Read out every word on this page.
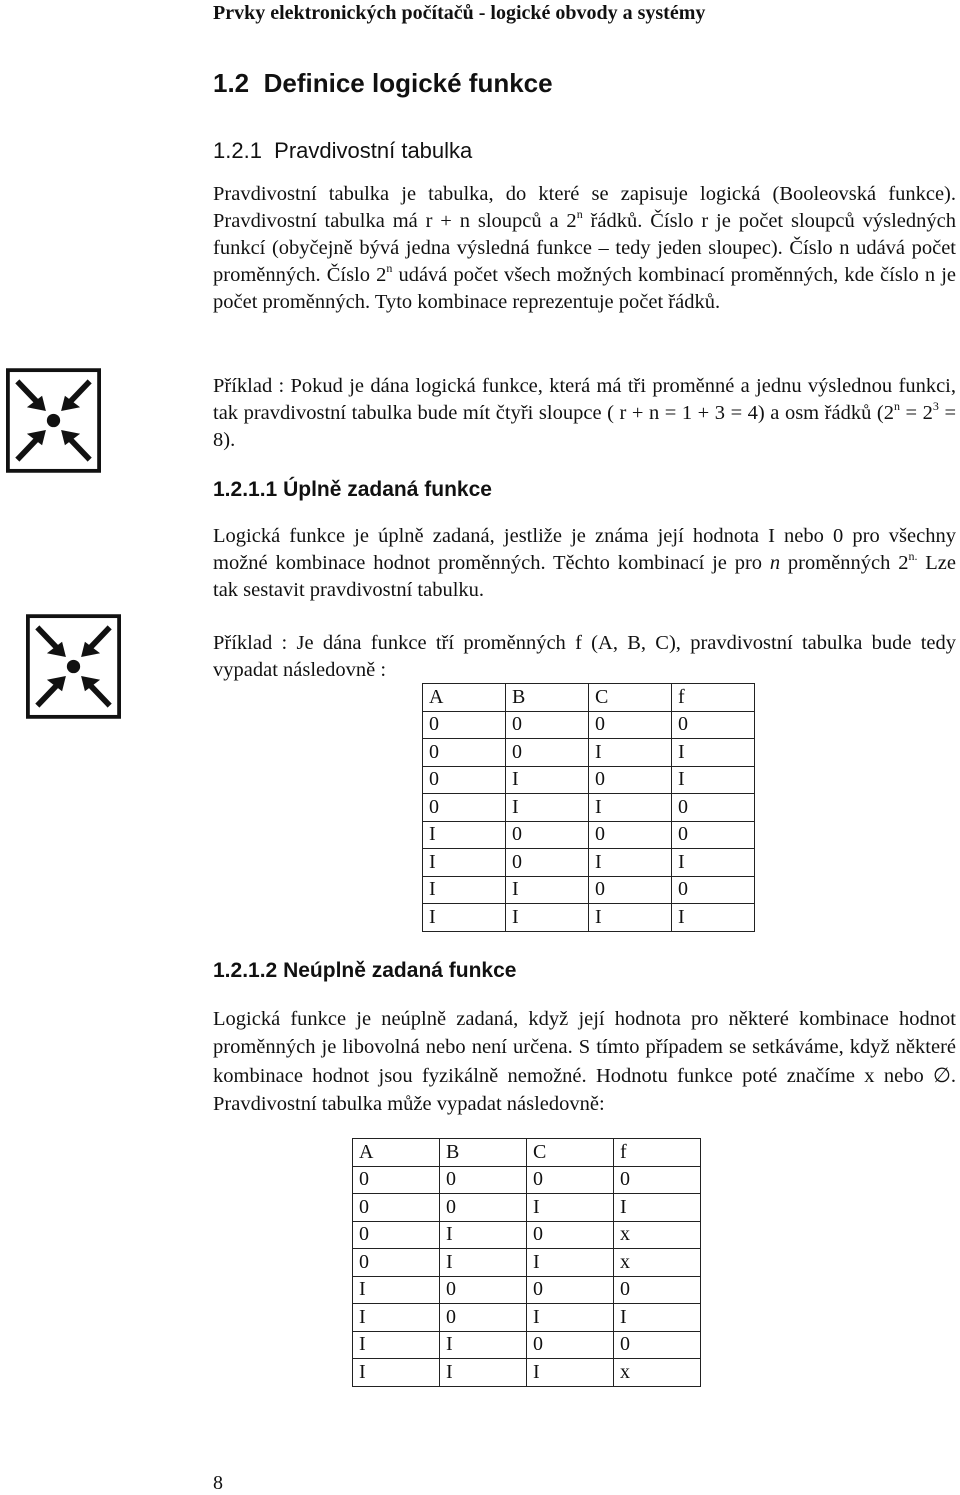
Prvky elektronických počítačů - logické obvody a systémy
1.2 Definice logické funkce
1.2.1 Pravdivostní tabulka
Pravdivostní tabulka je tabulka, do které se zapisuje logická (Booleovská funkce). Pravdivostní tabulka má r + n sloupců a 2$^n$ řádků. Číslo r je počet sloupců výsledných funkcí (obyčejně bývá jedna výsledná funkce – tedy jeden sloupec). Číslo n udává počet proměnných. Číslo 2$^n$ udává počet všech možných kombinací proměnných, kde číslo n je počet proměnných. Tyto kombinace reprezentuje počet řádků.
Příklad : Pokud je dána logická funkce, která má tři proměnné a jednu výslednou funkci, tak pravdivostní tabulka bude mít čtyři sloupce ( r + n = 1 + 3 = 4) a osm řádků $(2^n = 2^3 = 8)$.
1.2.1.1 Úplně zadaná funkce
Logická funkce je úplně zadaná, jestliže je známa její hodnota I nebo 0 pro všechny možné kombinace hodnot proměnných. Těchto kombinací je pro n proměnných $2^{n.}$ Lze tak sestavit pravdivostní tabulku.
Příklad : Je dána funkce tří proměnných f (A, B, C), pravdivostní tabulka bude tedy vypadat následovně :
A	B	C	f
0	0	0	0
0	0	I	I
0	I	0	I
0	I	I	0
I	0	0	0
I	0	I	I
I	I	0	0
I	I	I	I
1.2.1.2 Neúplně zadaná funkce
Logická funkce je neúplně zadaná, když její hodnota pro některé kombinace hodnot proměnných je libovolná nebo není určena. S tímto případem se setkáváme, když některé kombinace hodnot jsou fyzikálně nemožné. Hodnotu funkce poté značíme x nebo ∅. Pravdivostní tabulka může vypadat následovně:
A	B	C	f
0	0	0	0
0	0	I	I
0	I	0	x
0	I	I	x
I	0	0	0
I	0	I	I
I	I	0	0
I	I	I	x
8
